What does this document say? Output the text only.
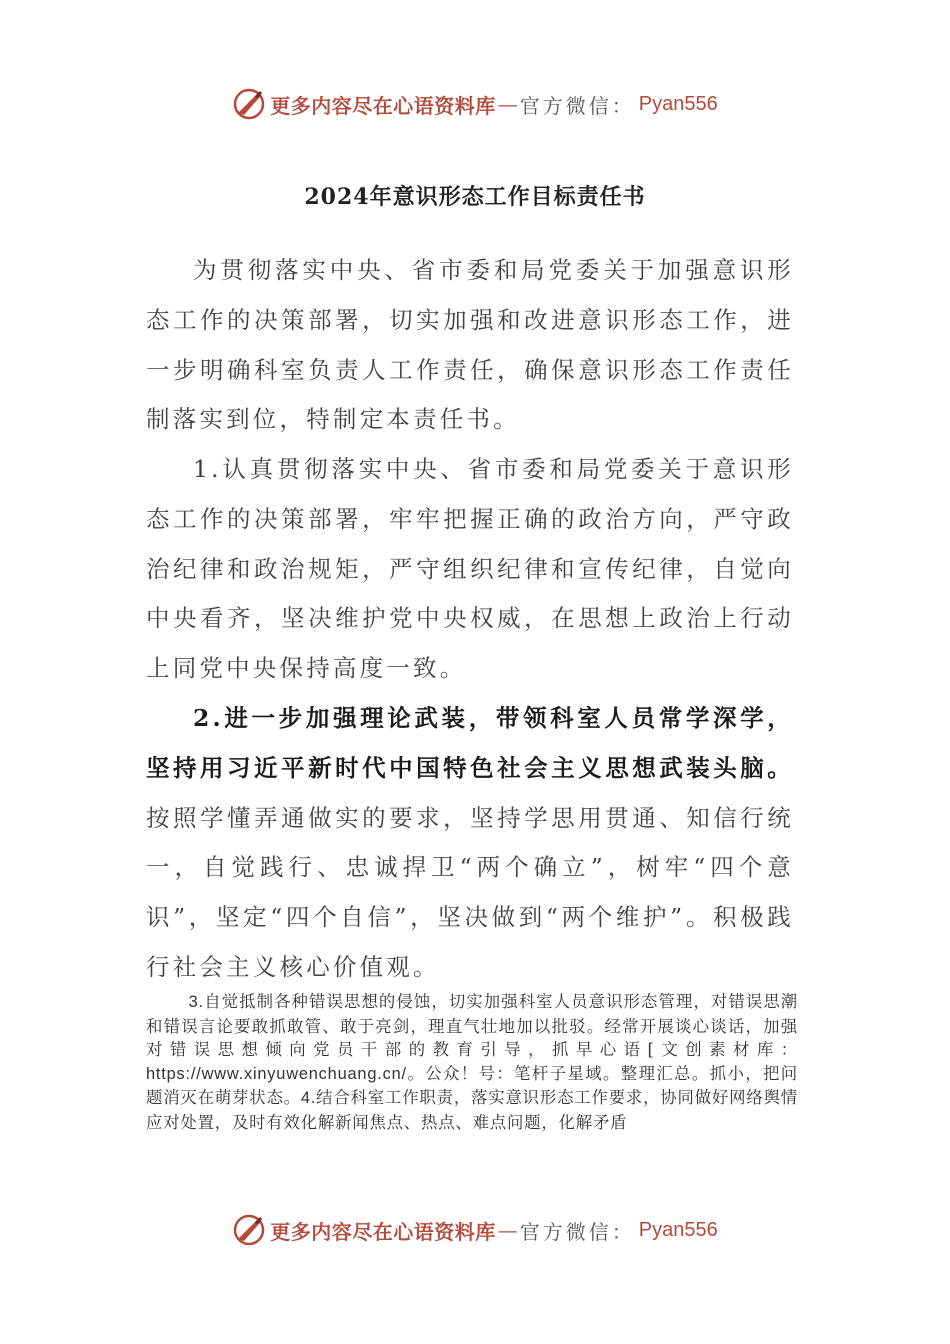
更多内容尽在心语资料库 — 官方微信： Pyan556
2024年意识形态工作目标责任书

为贯彻落实中央、省市委和局党委关于加强意识形态工作的决策部署，切实加强和改进意识形态工作，进一步明确科室负责人工作责任，确保意识形态工作责任制落实到位，特制定本责任书。

1.认真贯彻落实中央、省市委和局党委关于意识形态工作的决策部署，牢牢把握正确的政治方向，严守政治纪律和政治规矩，严守组织纪律和宣传纪律，自觉向中央看齐，坚决维护党中央权威，在思想上政治上行动上同党中央保持高度一致。

2.进一步加强理论武装，带领科室人员常学深学，坚持用习近平新时代中国特色社会主义思想武装头脑。按照学懂弄通做实的要求，坚持学思用贯通、知信行统一，自觉践行、忠诚捍卫“两个确立”，树牢“四个意识”，坚定“四个自信”，坚决做到“两个维护”。积极践行社会主义核心价值观。

3.自觉抵制各种错误思想的侵蚀，切实加强科室人员意识形态管理，对错误思潮和错误言论要敢抓敢管、敢于亮剑，理直气壮地加以批驳。经常开展谈心谈话，加强对错误思想倾向党员干部的教育引导，抓早心语[文创素材库：https://www.xinyuwenchuang.cn/。公众！号：笔杆子星域。整理汇总。抓小，把问题消灭在萌芽状态。4.结合科室工作职责，落实意识形态工作要求，协同做好网络舆情应对处置，及时有效化解新闻焦点、热点、难点问题，化解矛盾

更多内容尽在心语资料库 — 官方微信： Pyan556
